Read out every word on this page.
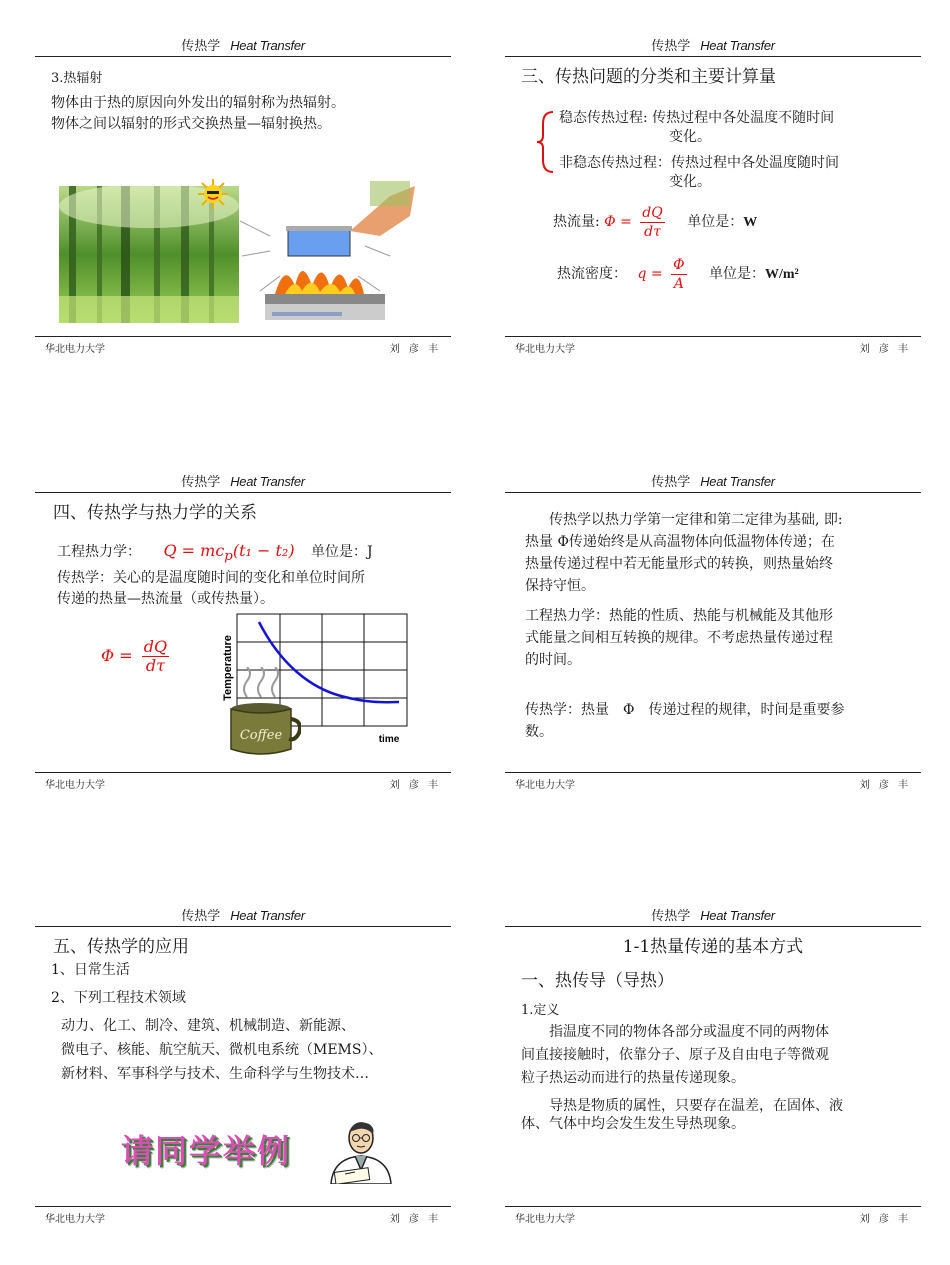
传热学 Heat Transfer
3.热辐射
物体由于热的原因向外发出的辐射称为热辐射。
物体之间以辐射的形式交换热量—辐射换热。
华北电力大学	刘 彦 丰
传热学 Heat Transfer
三、传热问题的分类和主要计算量
稳态传热过程: 传热过程中各处温度不随时间
变化。
非稳态传热过程：传热过程中各处温度随时间
变化。
热流量: $\Phi = \frac{dQ}{d\tau}$ 单位是：W
热流密度： $q = \frac{\Phi}{A}$ 单位是：W/m²
华北电力大学	刘 彦 丰
传热学 Heat Transfer
四、传热学与热力学的关系
工程热力学： $Q = mc_p(t_1 - t_2)$ 单位是：J
传热学：关心的是温度随时间的变化和单位时间所
传递的热量—热流量（或传热量）。
$\Phi = \frac{dQ}{d\tau}$	Temperature
time
Coffee
华北电力大学	刘 彦 丰
传热学 Heat Transfer
传热学以热力学第一定律和第二定律为基础, 即:
热量 Φ传递始终是从高温物体向低温物体传递；在
热量传递过程中若无能量形式的转换，则热量始终
保持守恒。
工程热力学：热能的性质、热能与机械能及其他形
式能量之间相互转换的规律。不考虑热量传递过程
的时间。
传热学：热量　Φ　传递过程的规律，时间是重要参
数。
华北电力大学	刘 彦 丰
传热学 Heat Transfer
五、传热学的应用
1、日常生活
2、下列工程技术领域
动力、化工、制冷、建筑、机械制造、新能源、
微电子、核能、航空航天、微机电系统（MEMS）、
新材料、军事科学与技术、生命科学与生物技术…
请同学举例
华北电力大学	刘 彦 丰
传热学 Heat Transfer
1-1热量传递的基本方式
一、热传导（导热）
1.定义
　　指温度不同的物体各部分或温度不同的两物体
间直接接触时，依靠分子、原子及自由电子等微观
粒子热运动而进行的热量传递现象。
　　导热是物质的属性，只要存在温差，在固体、液
体、气体中均会发生发生导热现象。
华北电力大学	刘 彦 丰
